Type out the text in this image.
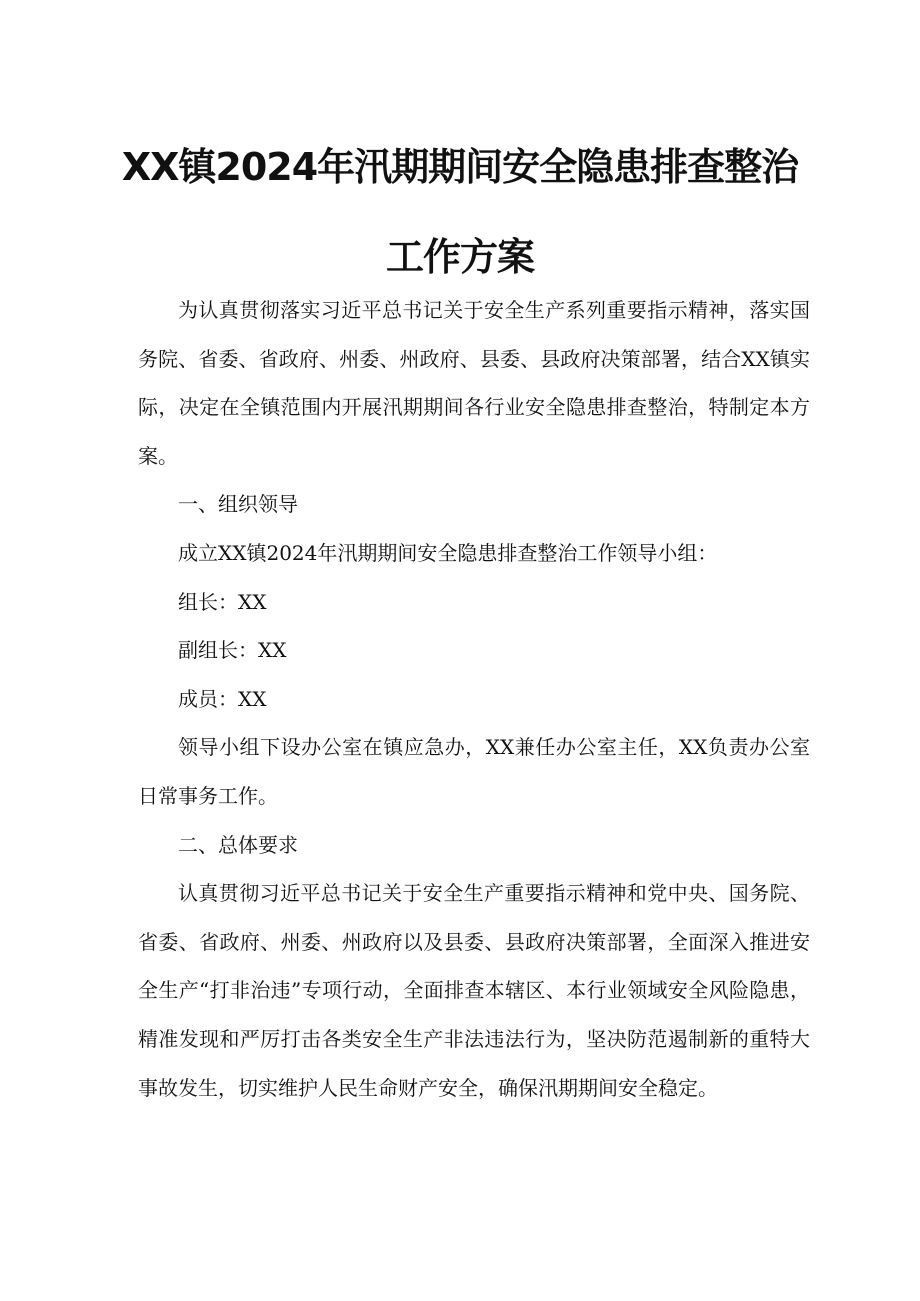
XX镇2024年汛期期间安全隐患排查整治
工作方案

为认真贯彻落实习近平总书记关于安全生产系列重要指示精神，落实国务院、省委、省政府、州委、州政府、县委、县政府决策部署，结合XX镇实际，决定在全镇范围内开展汛期期间各行业安全隐患排查整治，特制定本方案。

一、组织领导

成立XX镇2024年汛期期间安全隐患排查整治工作领导小组：

组长：XX

副组长：XX

成员：XX

领导小组下设办公室在镇应急办，XX兼任办公室主任，XX负责办公室日常事务工作。

二、总体要求

认真贯彻习近平总书记关于安全生产重要指示精神和党中央、国务院、省委、省政府、州委、州政府以及县委、县政府决策部署，全面深入推进安全生产“打非治违”专项行动，全面排查本辖区、本行业领域安全风险隐患，精准发现和严厉打击各类安全生产非法违法行为，坚决防范遏制新的重特大事故发生，切实维护人民生命财产安全，确保汛期期间安全稳定。
